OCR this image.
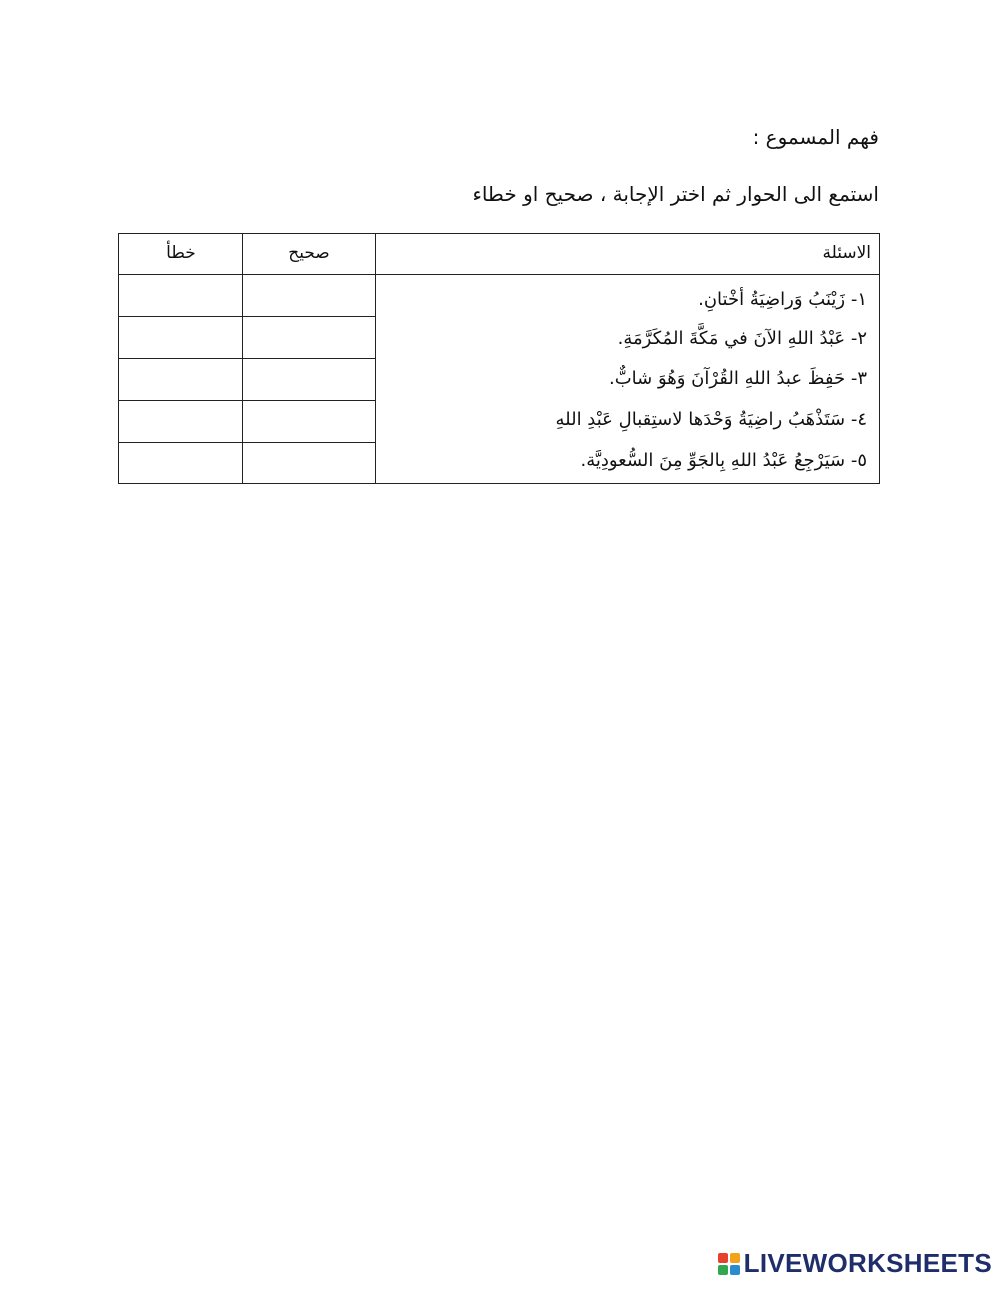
فهم المسموع :
استمع الى الحوار ثم اختر الإجابة ، صحيح او خطاء
الاسئلة
صحيح
خطأ
١- زَيْنَبُ وَراضِيَةُ أخْتانِ.
٢- عَبْدُ اللهِ الآنَ في مَكَّةَ المُكَرَّمَةِ.
٣- حَفِظَ عبدُ اللهِ القُرْآنَ وَهُوَ شابٌّ.
٤- سَتَذْهَبُ راضِيَةُ وَحْدَها لاستِقبالِ عَبْدِ اللهِ
٥- سَيَرْجِعُ عَبْدُ اللهِ بِالجَوِّ مِنَ السُّعودِيَّة.
LIVEWORKSHEETS
